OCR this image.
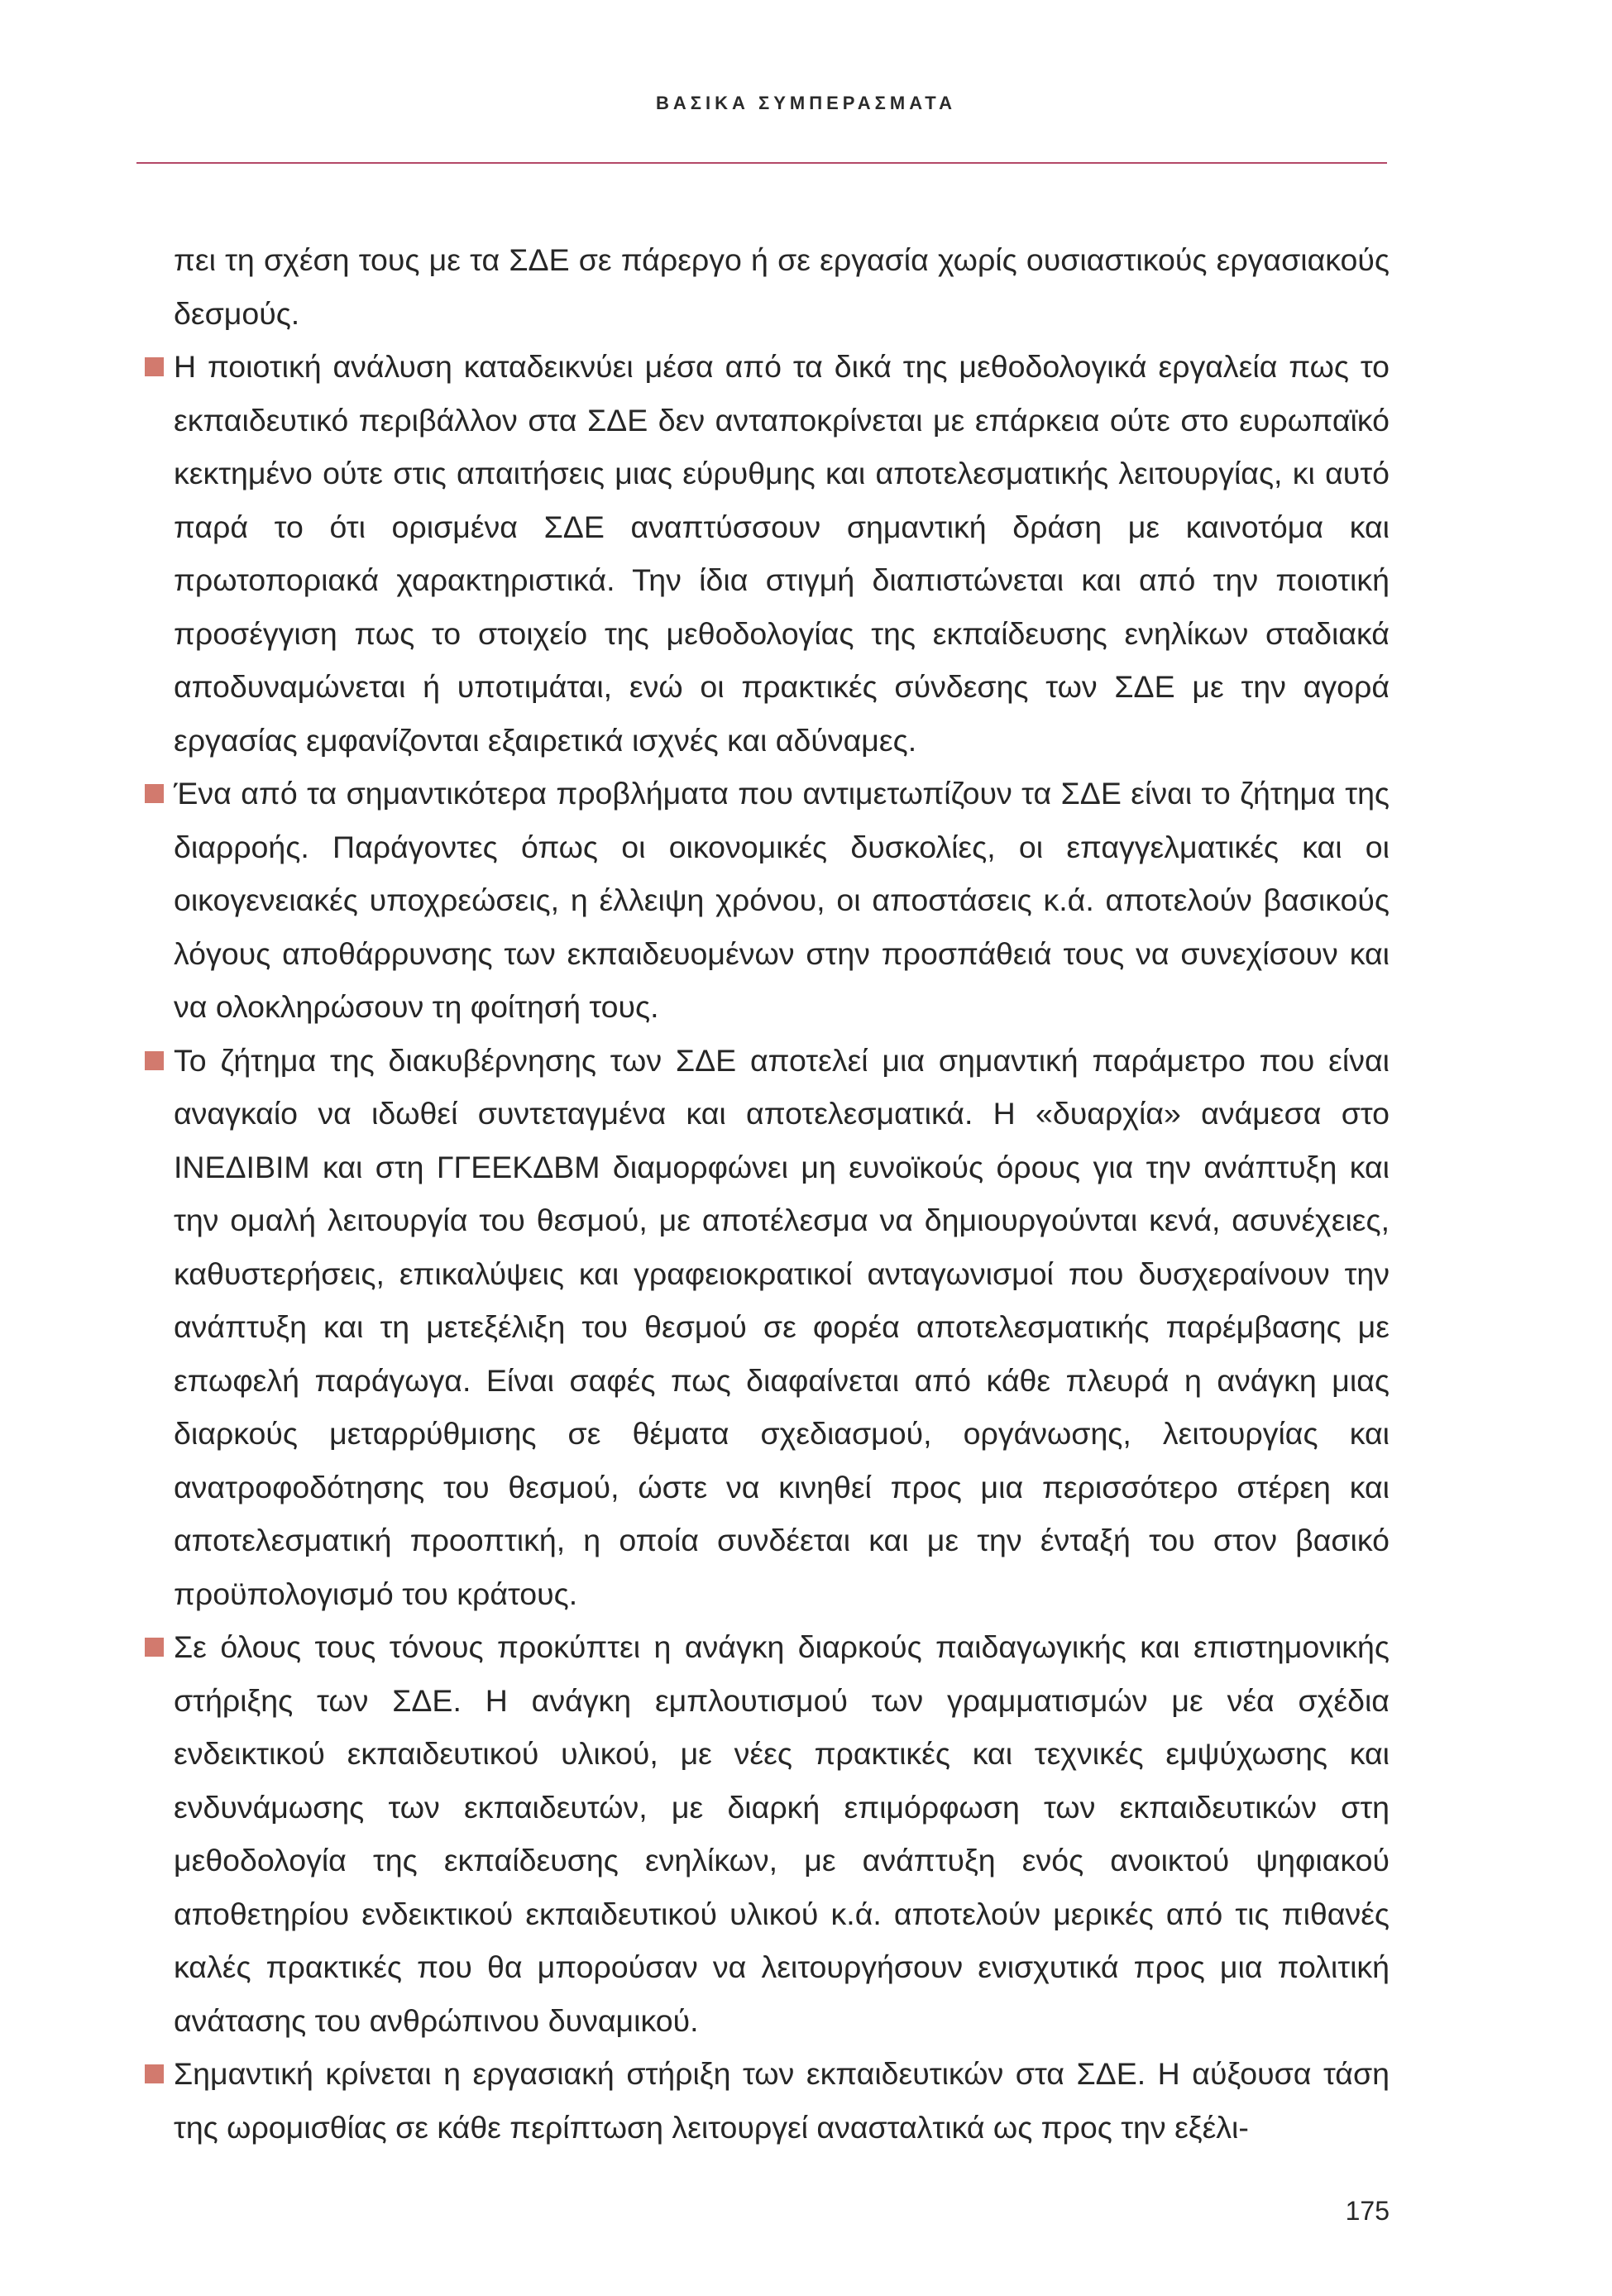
ΒΑΣΙΚΑ ΣΥΜΠΕΡΑΣΜΑΤΑ

πει τη σχέση τους με τα ΣΔΕ σε πάρεργο ή σε εργασία χωρίς ουσιαστικούς εργασιακούς δεσμούς.

Η ποιοτική ανάλυση καταδεικνύει μέσα από τα δικά της μεθοδολογικά εργαλεία πως το εκπαιδευτικό περιβάλλον στα ΣΔΕ δεν ανταποκρίνεται με επάρκεια ούτε στο ευρωπαϊκό κεκτημένο ούτε στις απαιτήσεις μιας εύρυθμης και αποτελεσματικής λειτουργίας, κι αυτό παρά το ότι ορισμένα ΣΔΕ αναπτύσσουν σημαντική δράση με καινοτόμα και πρωτοποριακά χαρακτηριστικά. Την ίδια στιγμή διαπιστώνεται και από την ποιοτική προσέγγιση πως το στοιχείο της μεθοδολογίας της εκπαίδευσης ενηλίκων σταδιακά αποδυναμώνεται ή υποτιμάται, ενώ οι πρακτικές σύνδεσης των ΣΔΕ με την αγορά εργασίας εμφανίζονται εξαιρετικά ισχνές και αδύναμες.

Ένα από τα σημαντικότερα προβλήματα που αντιμετωπίζουν τα ΣΔΕ είναι το ζήτημα της διαρροής. Παράγοντες όπως οι οικονομικές δυσκολίες, οι επαγγελματικές και οι οικογενειακές υποχρεώσεις, η έλλειψη χρόνου, οι αποστάσεις κ.ά. αποτελούν βασικούς λόγους αποθάρρυνσης των εκπαιδευομένων στην προσπάθειά τους να συνεχίσουν και να ολοκληρώσουν τη φοίτησή τους.

Το ζήτημα της διακυβέρνησης των ΣΔΕ αποτελεί μια σημαντική παράμετρο που είναι αναγκαίο να ιδωθεί συντεταγμένα και αποτελεσματικά. Η «δυαρχία» ανάμεσα στο ΙΝΕΔΙΒΙΜ και στη ΓΓΕΕΚΔΒΜ διαμορφώνει μη ευνοϊκούς όρους για την ανάπτυξη και την ομαλή λειτουργία του θεσμού, με αποτέλεσμα να δημιουργούνται κενά, ασυνέχειες, καθυστερήσεις, επικαλύψεις και γραφειοκρατικοί ανταγωνισμοί που δυσχεραίνουν την ανάπτυξη και τη μετεξέλιξη του θεσμού σε φορέα αποτελεσματικής παρέμβασης με επωφελή παράγωγα. Είναι σαφές πως διαφαίνεται από κάθε πλευρά η ανάγκη μιας διαρκούς μεταρρύθμισης σε θέματα σχεδιασμού, οργάνωσης, λειτουργίας και ανατροφοδότησης του θεσμού, ώστε να κινηθεί προς μια περισσότερο στέρεη και αποτελεσματική προοπτική, η οποία συνδέεται και με την ένταξή του στον βασικό προϋπολογισμό του κράτους.

Σε όλους τους τόνους προκύπτει η ανάγκη διαρκούς παιδαγωγικής και επιστημονικής στήριξης των ΣΔΕ. Η ανάγκη εμπλουτισμού των γραμματισμών με νέα σχέδια ενδεικτικού εκπαιδευτικού υλικού, με νέες πρακτικές και τεχνικές εμψύχωσης και ενδυνάμωσης των εκπαιδευτών, με διαρκή επιμόρφωση των εκπαιδευτικών στη μεθοδολογία της εκπαίδευσης ενηλίκων, με ανάπτυξη ενός ανοικτού ψηφιακού αποθετηρίου ενδεικτικού εκπαιδευτικού υλικού κ.ά. αποτελούν μερικές από τις πιθανές καλές πρακτικές που θα μπορούσαν να λειτουργήσουν ενισχυτικά προς μια πολιτική ανάτασης του ανθρώπινου δυναμικού.

Σημαντική κρίνεται η εργασιακή στήριξη των εκπαιδευτικών στα ΣΔΕ. Η αύξουσα τάση της ωρομισθίας σε κάθε περίπτωση λειτουργεί ανασταλτικά ως προς την εξέλι-

175
